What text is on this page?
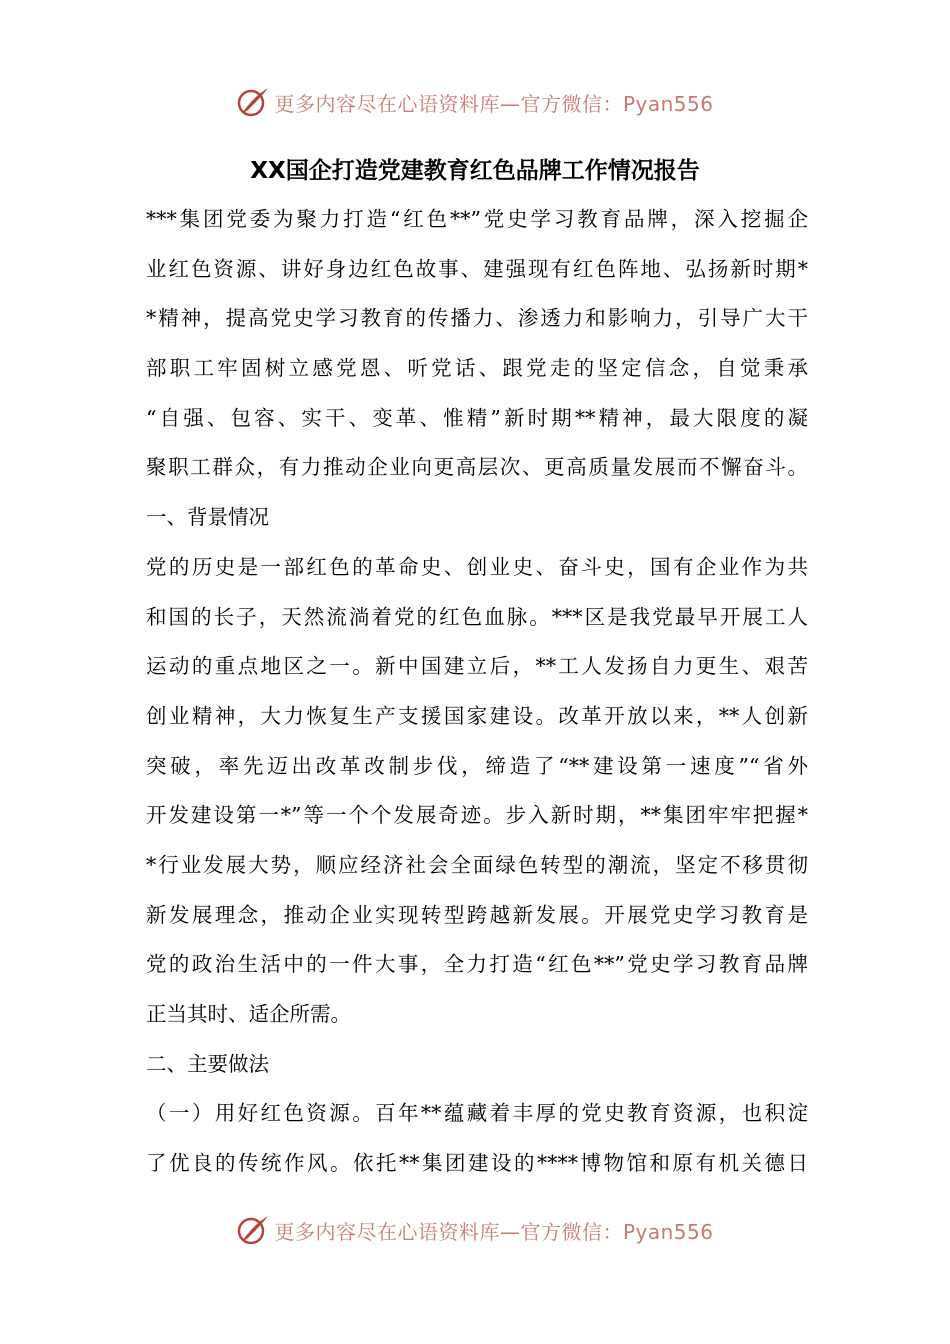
更多内容尽在心语资料库—官方微信：Pyan556
XX国企打造党建教育红色品牌工作情况报告
***集团党委为聚力打造“红色**”党史学习教育品牌，深入挖掘企
业红色资源、讲好身边红色故事、建强现有红色阵地、弘扬新时期*
*精神，提高党史学习教育的传播力、渗透力和影响力，引导广大干
部职工牢固树立感党恩、听党话、跟党走的坚定信念，自觉秉承
“自强、包容、实干、变革、惟精”新时期**精神，最大限度的凝
聚职工群众，有力推动企业向更高层次、更高质量发展而不懈奋斗。
一、背景情况
党的历史是一部红色的革命史、创业史、奋斗史，国有企业作为共
和国的长子，天然流淌着党的红色血脉。***区是我党最早开展工人
运动的重点地区之一。新中国建立后，**工人发扬自力更生、艰苦
创业精神，大力恢复生产支援国家建设。改革开放以来，**人创新
突破，率先迈出改革改制步伐，缔造了“**建设第一速度”“省外
开发建设第一*”等一个个发展奇迹。步入新时期，**集团牢牢把握*
*行业发展大势，顺应经济社会全面绿色转型的潮流，坚定不移贯彻
新发展理念，推动企业实现转型跨越新发展。开展党史学习教育是
党的政治生活中的一件大事，全力打造“红色**”党史学习教育品牌
正当其时、适企所需。
二、主要做法
（一）用好红色资源。百年**蕴藏着丰厚的党史教育资源，也积淀
了优良的传统作风。依托**集团建设的****博物馆和原有机关德日
更多内容尽在心语资料库—官方微信：Pyan556
